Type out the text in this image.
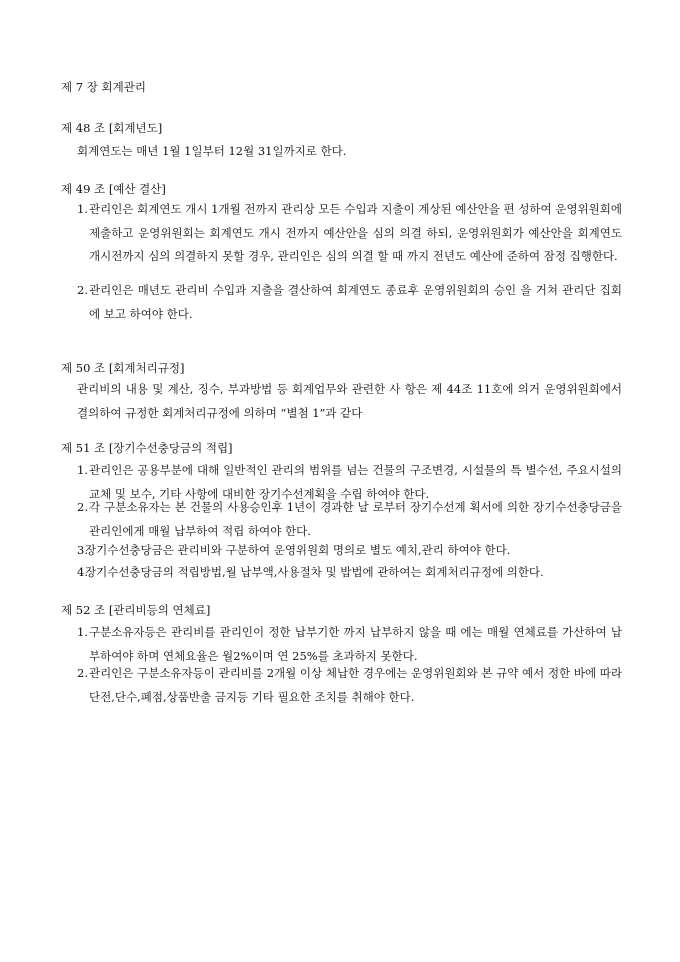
제 7 장 회계관리
제 48 조 [회계년도]

회계연도는 매년 1월 1일부터 12월 31일까지로 한다.

제 49 조 [예산 결산]
1. 관리인은 회계연도 개시 1개월 전까지 관리상 모든 수입과 지출이 계상된 예산안을 편 성하여 운영위원회에 제출하고 운영위원회는 회계연도 개시 전까지 예산안을 심의 의결 하되, 운영위원회가 예산안을 회계연도 개시전까지 심의 의결하지 못할 경우, 관리인은 심의 의결 할 때 까지 전년도 예산에 준하여 잠정 집행한다.
2. 관리인은 매년도 관리비 수입과 지출을 결산하여 회계연도 종료후 운영위원회의 승인 을 거쳐 관리단 집회에 보고 하여야 한다.
제 50 조 [회계처리규정]

관리비의 내용 및 계산, 징수, 부과방법 등 회계업무와 관련한 사 항은 제 44조 11호에 의거 운영위원회에서 결의하여 규정한 회계처리규정에 의하며 “별첨 1”과 같다

제 51 조 [장기수선충당금의 적립]
1. 관리인은 공용부분에 대해 일반적인 관리의 범위를 넘는 건물의 구조변경, 시설물의 특 별수선, 주요시설의교체 및 보수, 기타 사항에 대비한 장기수선계획을 수립 하여야 한다.
2. 각 구분소유자는 본 건물의 사용승인후 1년이 경과한 날 로부터 장기수선계 획서에 의한 장기수선충당금을 관리인에게 매월 납부하여 적립 하여야 한다.
3.
장기수선충당금은 관리비와 구분하여 운영위원회 명의로 별도 예치,관리 하여야 한다.
4.
장기수선충당금의 적립방법,월 납부액,사용절차 및 밥법에 관하여는 회계처리규정에 의한다.
제 52 조 [관리비등의 연체료]
1. 구분소유자등은 관리비를 관리인이 정한 납부기한 까지 납부하지 않을 때 에는 매월 연체료를 가산하여 납부하여야 하며 연체요율은 월2%이며 연 25%를 초과하지 못한다.
2. 관리인은 구분소유자등이 관리비를 2개월 이상 체납한 경우에는 운영위원회와 본 규약 예서 정한 바에 따라 단전,단수,폐점,상품반출 금지등 기타 필요한 조치를 취해야 한다.
